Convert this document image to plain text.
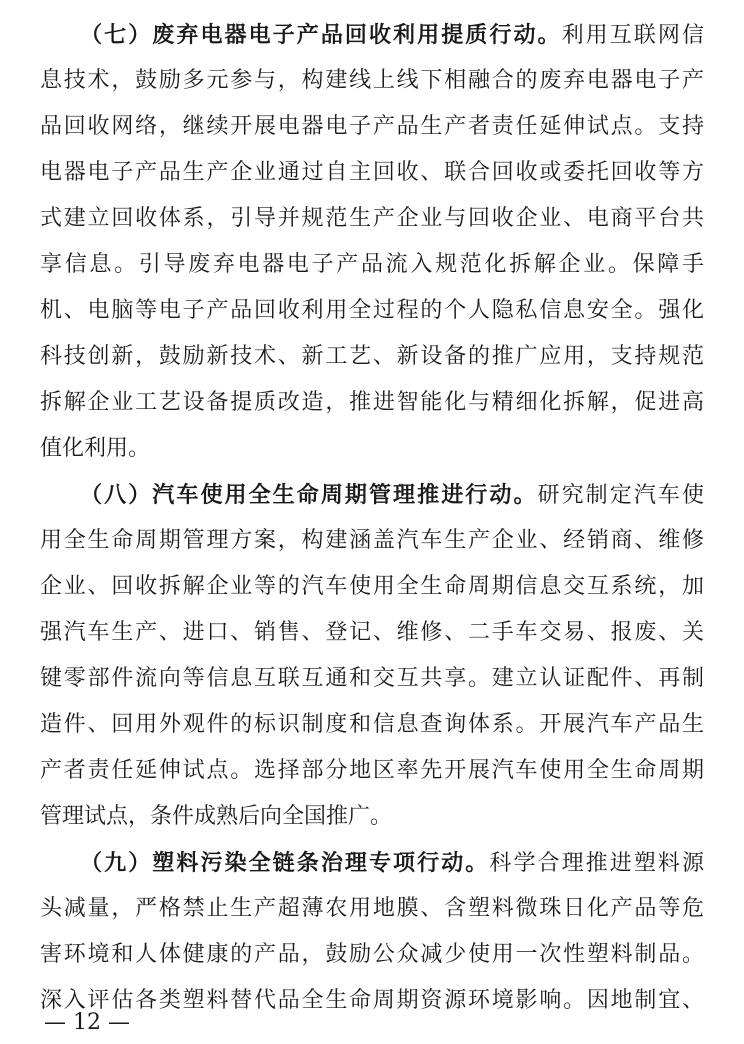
（七）废弃电器电子产品回收利用提质行动。利用互联网信
息技术，鼓励多元参与，构建线上线下相融合的废弃电器电子产
品回收网络，继续开展电器电子产品生产者责任延伸试点。支持
电器电子产品生产企业通过自主回收、联合回收或委托回收等方
式建立回收体系，引导并规范生产企业与回收企业、电商平台共
享信息。引导废弃电器电子产品流入规范化拆解企业。保障手
机、电脑等电子产品回收利用全过程的个人隐私信息安全。强化
科技创新，鼓励新技术、新工艺、新设备的推广应用，支持规范
拆解企业工艺设备提质改造，推进智能化与精细化拆解，促进高
值化利用。
（八）汽车使用全生命周期管理推进行动。研究制定汽车使
用全生命周期管理方案，构建涵盖汽车生产企业、经销商、维修
企业、回收拆解企业等的汽车使用全生命周期信息交互系统，加
强汽车生产、进口、销售、登记、维修、二手车交易、报废、关
键零部件流向等信息互联互通和交互共享。建立认证配件、再制
造件、回用外观件的标识制度和信息查询体系。开展汽车产品生
产者责任延伸试点。选择部分地区率先开展汽车使用全生命周期
管理试点，条件成熟后向全国推广。
（九）塑料污染全链条治理专项行动。科学合理推进塑料源
头减量，严格禁止生产超薄农用地膜、含塑料微珠日化产品等危
害环境和人体健康的产品，鼓励公众减少使用一次性塑料制品。
深入评估各类塑料替代品全生命周期资源环境影响。因地制宜、
— 12 —
